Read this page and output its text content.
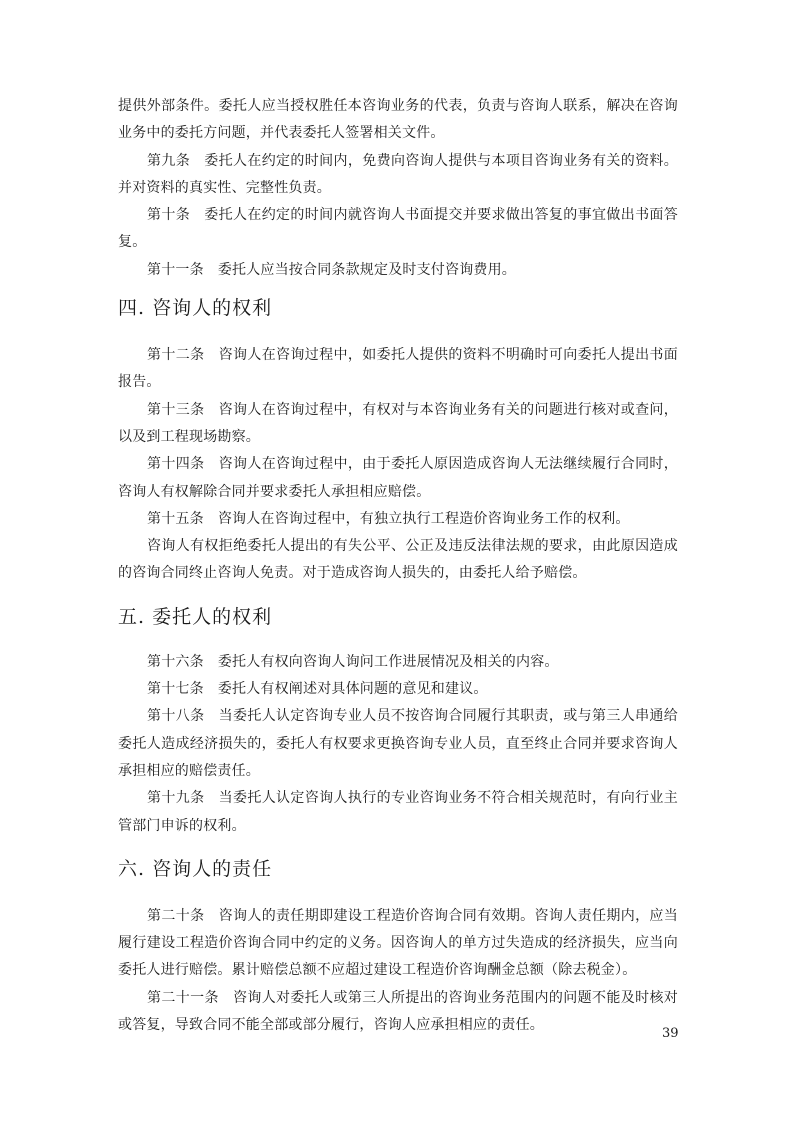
提供外部条件。委托人应当授权胜任本咨询业务的代表，负责与咨询人联系，解决在咨询业务中的委托方问题，并代表委托人签署相关文件。

第九条 委托人在约定的时间内，免费向咨询人提供与本项目咨询业务有关的资料。并对资料的真实性、完整性负责。

第十条 委托人在约定的时间内就咨询人书面提交并要求做出答复的事宜做出书面答复。

第十一条 委托人应当按合同条款规定及时支付咨询费用。

四. 咨询人的权利

第十二条 咨询人在咨询过程中，如委托人提供的资料不明确时可向委托人提出书面报告。

第十三条 咨询人在咨询过程中，有权对与本咨询业务有关的问题进行核对或查问，以及到工程现场勘察。

第十四条 咨询人在咨询过程中，由于委托人原因造成咨询人无法继续履行合同时，咨询人有权解除合同并要求委托人承担相应赔偿。

第十五条 咨询人在咨询过程中，有独立执行工程造价咨询业务工作的权利。

咨询人有权拒绝委托人提出的有失公平、公正及违反法律法规的要求，由此原因造成的咨询合同终止咨询人免责。对于造成咨询人损失的，由委托人给予赔偿。

五. 委托人的权利

第十六条 委托人有权向咨询人询问工作进展情况及相关的内容。

第十七条 委托人有权阐述对具体问题的意见和建议。

第十八条 当委托人认定咨询专业人员不按咨询合同履行其职责，或与第三人串通给委托人造成经济损失的，委托人有权要求更换咨询专业人员，直至终止合同并要求咨询人承担相应的赔偿责任。

第十九条 当委托人认定咨询人执行的专业咨询业务不符合相关规范时，有向行业主管部门申诉的权利。

六. 咨询人的责任

第二十条 咨询人的责任期即建设工程造价咨询合同有效期。咨询人责任期内，应当履行建设工程造价咨询合同中约定的义务。因咨询人的单方过失造成的经济损失，应当向委托人进行赔偿。累计赔偿总额不应超过建设工程造价咨询酬金总额（除去税金）。

第二十一条 咨询人对委托人或第三人所提出的咨询业务范围内的问题不能及时核对或答复，导致合同不能全部或部分履行，咨询人应承担相应的责任。

39
